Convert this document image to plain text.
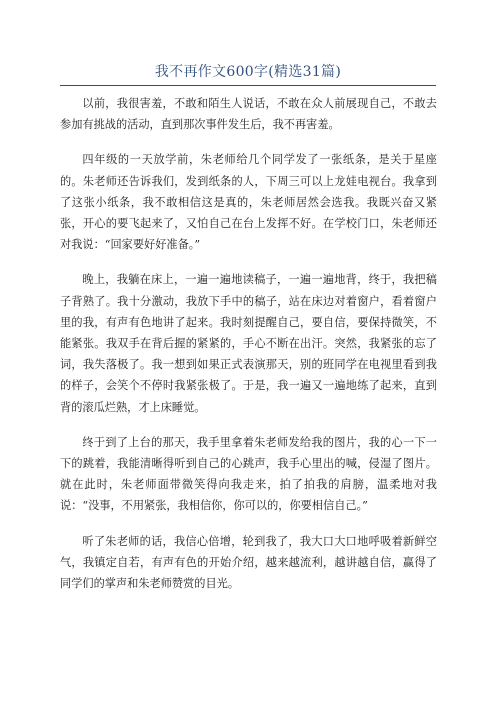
我不再作文600字(精选31篇)

以前，我很害羞，不敢和陌生人说话，不敢在众人前展现自己，不敢去参加有挑战的活动，直到那次事件发生后，我不再害羞。

四年级的一天放学前，朱老师给几个同学发了一张纸条，是关于星座的。朱老师还告诉我们，发到纸条的人，下周三可以上龙娃电视台。我拿到了这张小纸条，我不敢相信这是真的，朱老师居然会选我。我既兴奋又紧张，开心的要飞起来了，又怕自己在台上发挥不好。在学校门口，朱老师还对我说：“回家要好好准备。”

晚上，我躺在床上，一遍一遍地读稿子，一遍一遍地背，终于，我把稿子背熟了。我十分激动，我放下手中的稿子，站在床边对着窗户，看着窗户里的我，有声有色地讲了起来。我时刻提醒自己，要自信，要保持微笑，不能紧张。我双手在背后握的紧紧的，手心不断在出汗。突然，我紧张的忘了词，我失落极了。我一想到如果正式表演那天，别的班同学在电视里看到我的样子，会笑个不停时我紧张极了。于是，我一遍又一遍地练了起来，直到背的滚瓜烂熟，才上床睡觉。

终于到了上台的那天，我手里拿着朱老师发给我的图片，我的心一下一下的跳着，我能清晰得听到自己的心跳声，我手心里出的喊，侵湿了图片。就在此时，朱老师面带微笑得向我走来，拍了拍我的肩膀，温柔地对我说：“没事，不用紧张，我相信你，你可以的，你要相信自己。”

听了朱老师的话，我信心倍增，轮到我了，我大口大口地呼吸着新鲜空气，我镇定自若，有声有色的开始介绍，越来越流利，越讲越自信，赢得了同学们的掌声和朱老师赞赏的目光。
